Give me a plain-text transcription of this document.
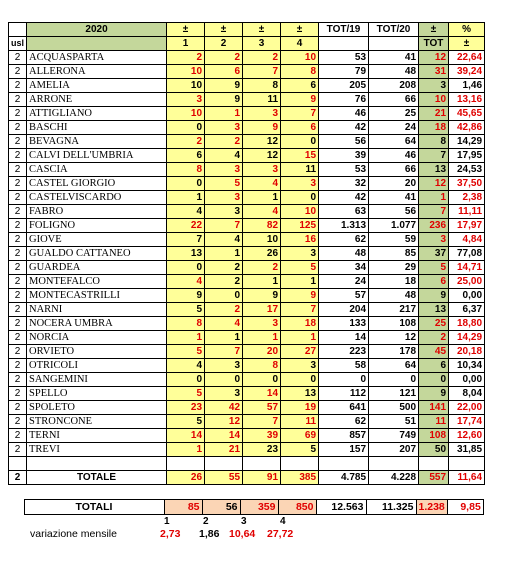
	2020	±	±	±	±	TOT/19	TOT/20	±	%
usl		1	2	3	4			TOT	±
2	ACQUASPARTA	2	2	2	10	53	41	12	22,64
2	ALLERONA	10	6	7	8	79	48	31	39,24
2	AMELIA	10	9	8	6	205	208	3	1,46
2	ARRONE	3	9	11	9	76	66	10	13,16
2	ATTIGLIANO	10	1	3	7	46	25	21	45,65
2	BASCHI	0	3	9	6	42	24	18	42,86
2	BEVAGNA	2	2	12	0	56	64	8	14,29
2	CALVI DELL'UMBRIA	6	4	12	15	39	46	7	17,95
2	CASCIA	8	3	3	11	53	66	13	24,53
2	CASTEL GIORGIO	0	5	4	3	32	20	12	37,50
2	CASTELVISCARDO	1	3	1	0	42	41	1	2,38
2	FABRO	4	3	4	10	63	56	7	11,11
2	FOLIGNO	22	7	82	125	1.313	1.077	236	17,97
2	GIOVE	7	4	10	16	62	59	3	4,84
2	GUALDO CATTANEO	13	1	26	3	48	85	37	77,08
2	GUARDEA	0	2	2	5	34	29	5	14,71
2	MONTEFALCO	4	2	1	1	24	18	6	25,00
2	MONTECASTRILLI	9	0	9	9	57	48	9	0,00
2	NARNI	5	2	17	7	204	217	13	6,37
2	NOCERA UMBRA	8	4	3	18	133	108	25	18,80
2	NORCIA	1	1	1	1	14	12	2	14,29
2	ORVIETO	5	7	20	27	223	178	45	20,18
2	OTRICOLI	4	3	8	3	58	64	6	10,34
2	SANGEMINI	0	0	0	0	0	0	0	0,00
2	SPELLO	5	3	14	13	112	121	9	8,04
2	SPOLETO	23	42	57	19	641	500	141	22,00
2	STRONCONE	5	12	7	11	62	51	11	17,74
2	TERNI	14	14	39	69	857	749	108	12,60
2	TREVI	1	21	23	5	157	207	50	31,85

2	TOTALE	26	55	91	385	4.785	4.228	557	11,64
	TOTALI	85	56	359	850	12.563	11.325	1.238	9,85
1	2	3	4
variazione mensile	2,73 1,86 10,64 27,72
